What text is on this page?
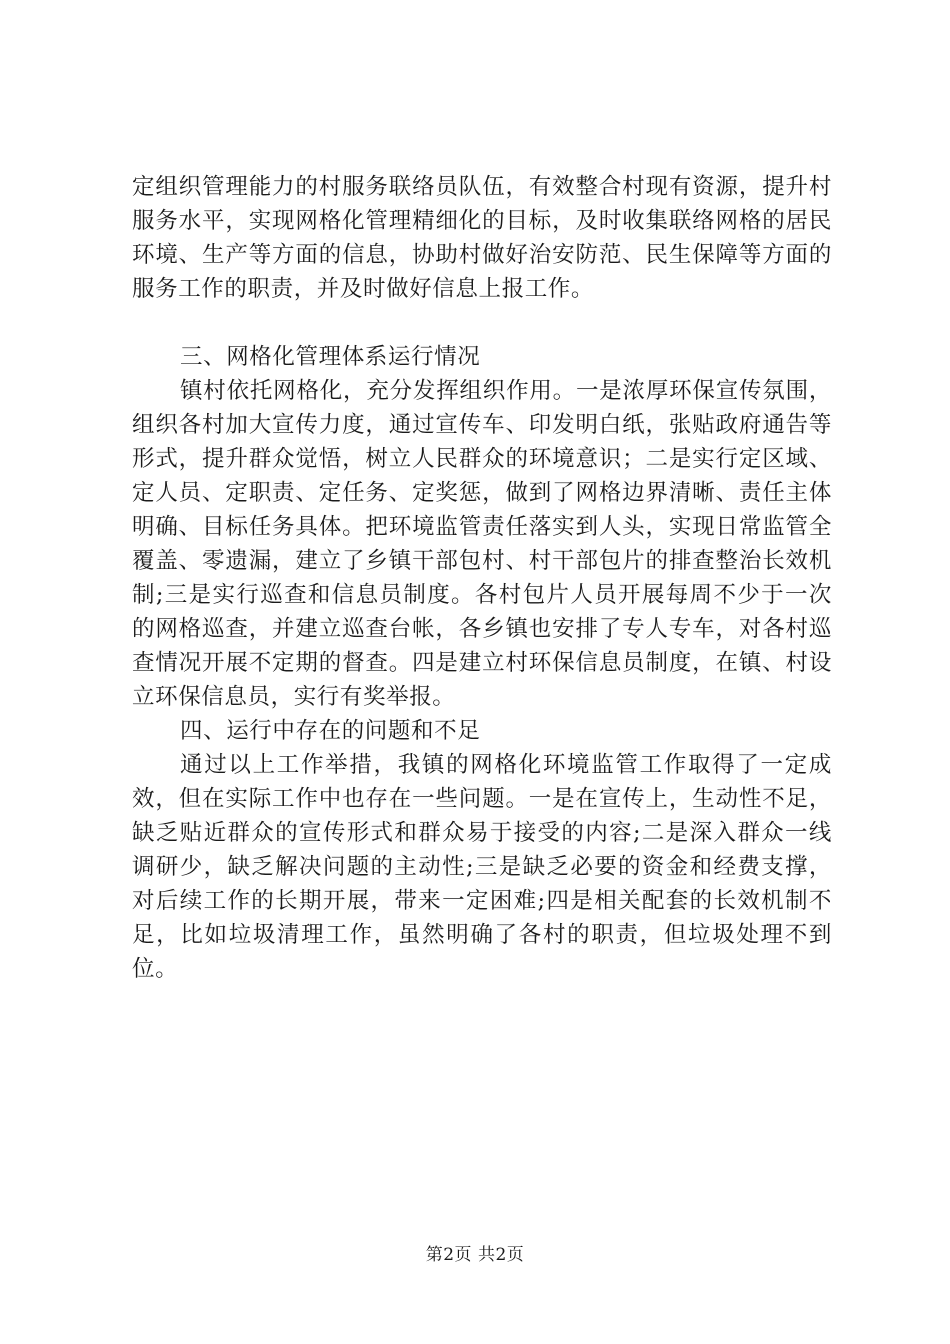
定组织管理能力的村服务联络员队伍，有效整合村现有资源，提升村服务水平，实现网格化管理精细化的目标，及时收集联络网格的居民环境、生产等方面的信息，协助村做好治安防范、民生保障等方面的服务工作的职责，并及时做好信息上报工作。

三、网格化管理体系运行情况

镇村依托网格化，充分发挥组织作用。一是浓厚环保宣传氛围，组织各村加大宣传力度，通过宣传车、印发明白纸，张贴政府通告等形式，提升群众觉悟，树立人民群众的环境意识；二是实行定区域、定人员、定职责、定任务、定奖惩，做到了网格边界清晰、责任主体明确、目标任务具体。把环境监管责任落实到人头，实现日常监管全覆盖、零遗漏，建立了乡镇干部包村、村干部包片的排查整治长效机制;三是实行巡查和信息员制度。各村包片人员开展每周不少于一次的网格巡查，并建立巡查台帐，各乡镇也安排了专人专车，对各村巡查情况开展不定期的督查。四是建立村环保信息员制度，在镇、村设立环保信息员，实行有奖举报。

四、运行中存在的问题和不足

通过以上工作举措，我镇的网格化环境监管工作取得了一定成效，但在实际工作中也存在一些问题。一是在宣传上，生动性不足，缺乏贴近群众的宣传形式和群众易于接受的内容;二是深入群众一线调研少，缺乏解决问题的主动性;三是缺乏必要的资金和经费支撑，对后续工作的长期开展，带来一定困难;四是相关配套的长效机制不足，比如垃圾清理工作，虽然明确了各村的职责，但垃圾处理不到位。

第2页 共2页
